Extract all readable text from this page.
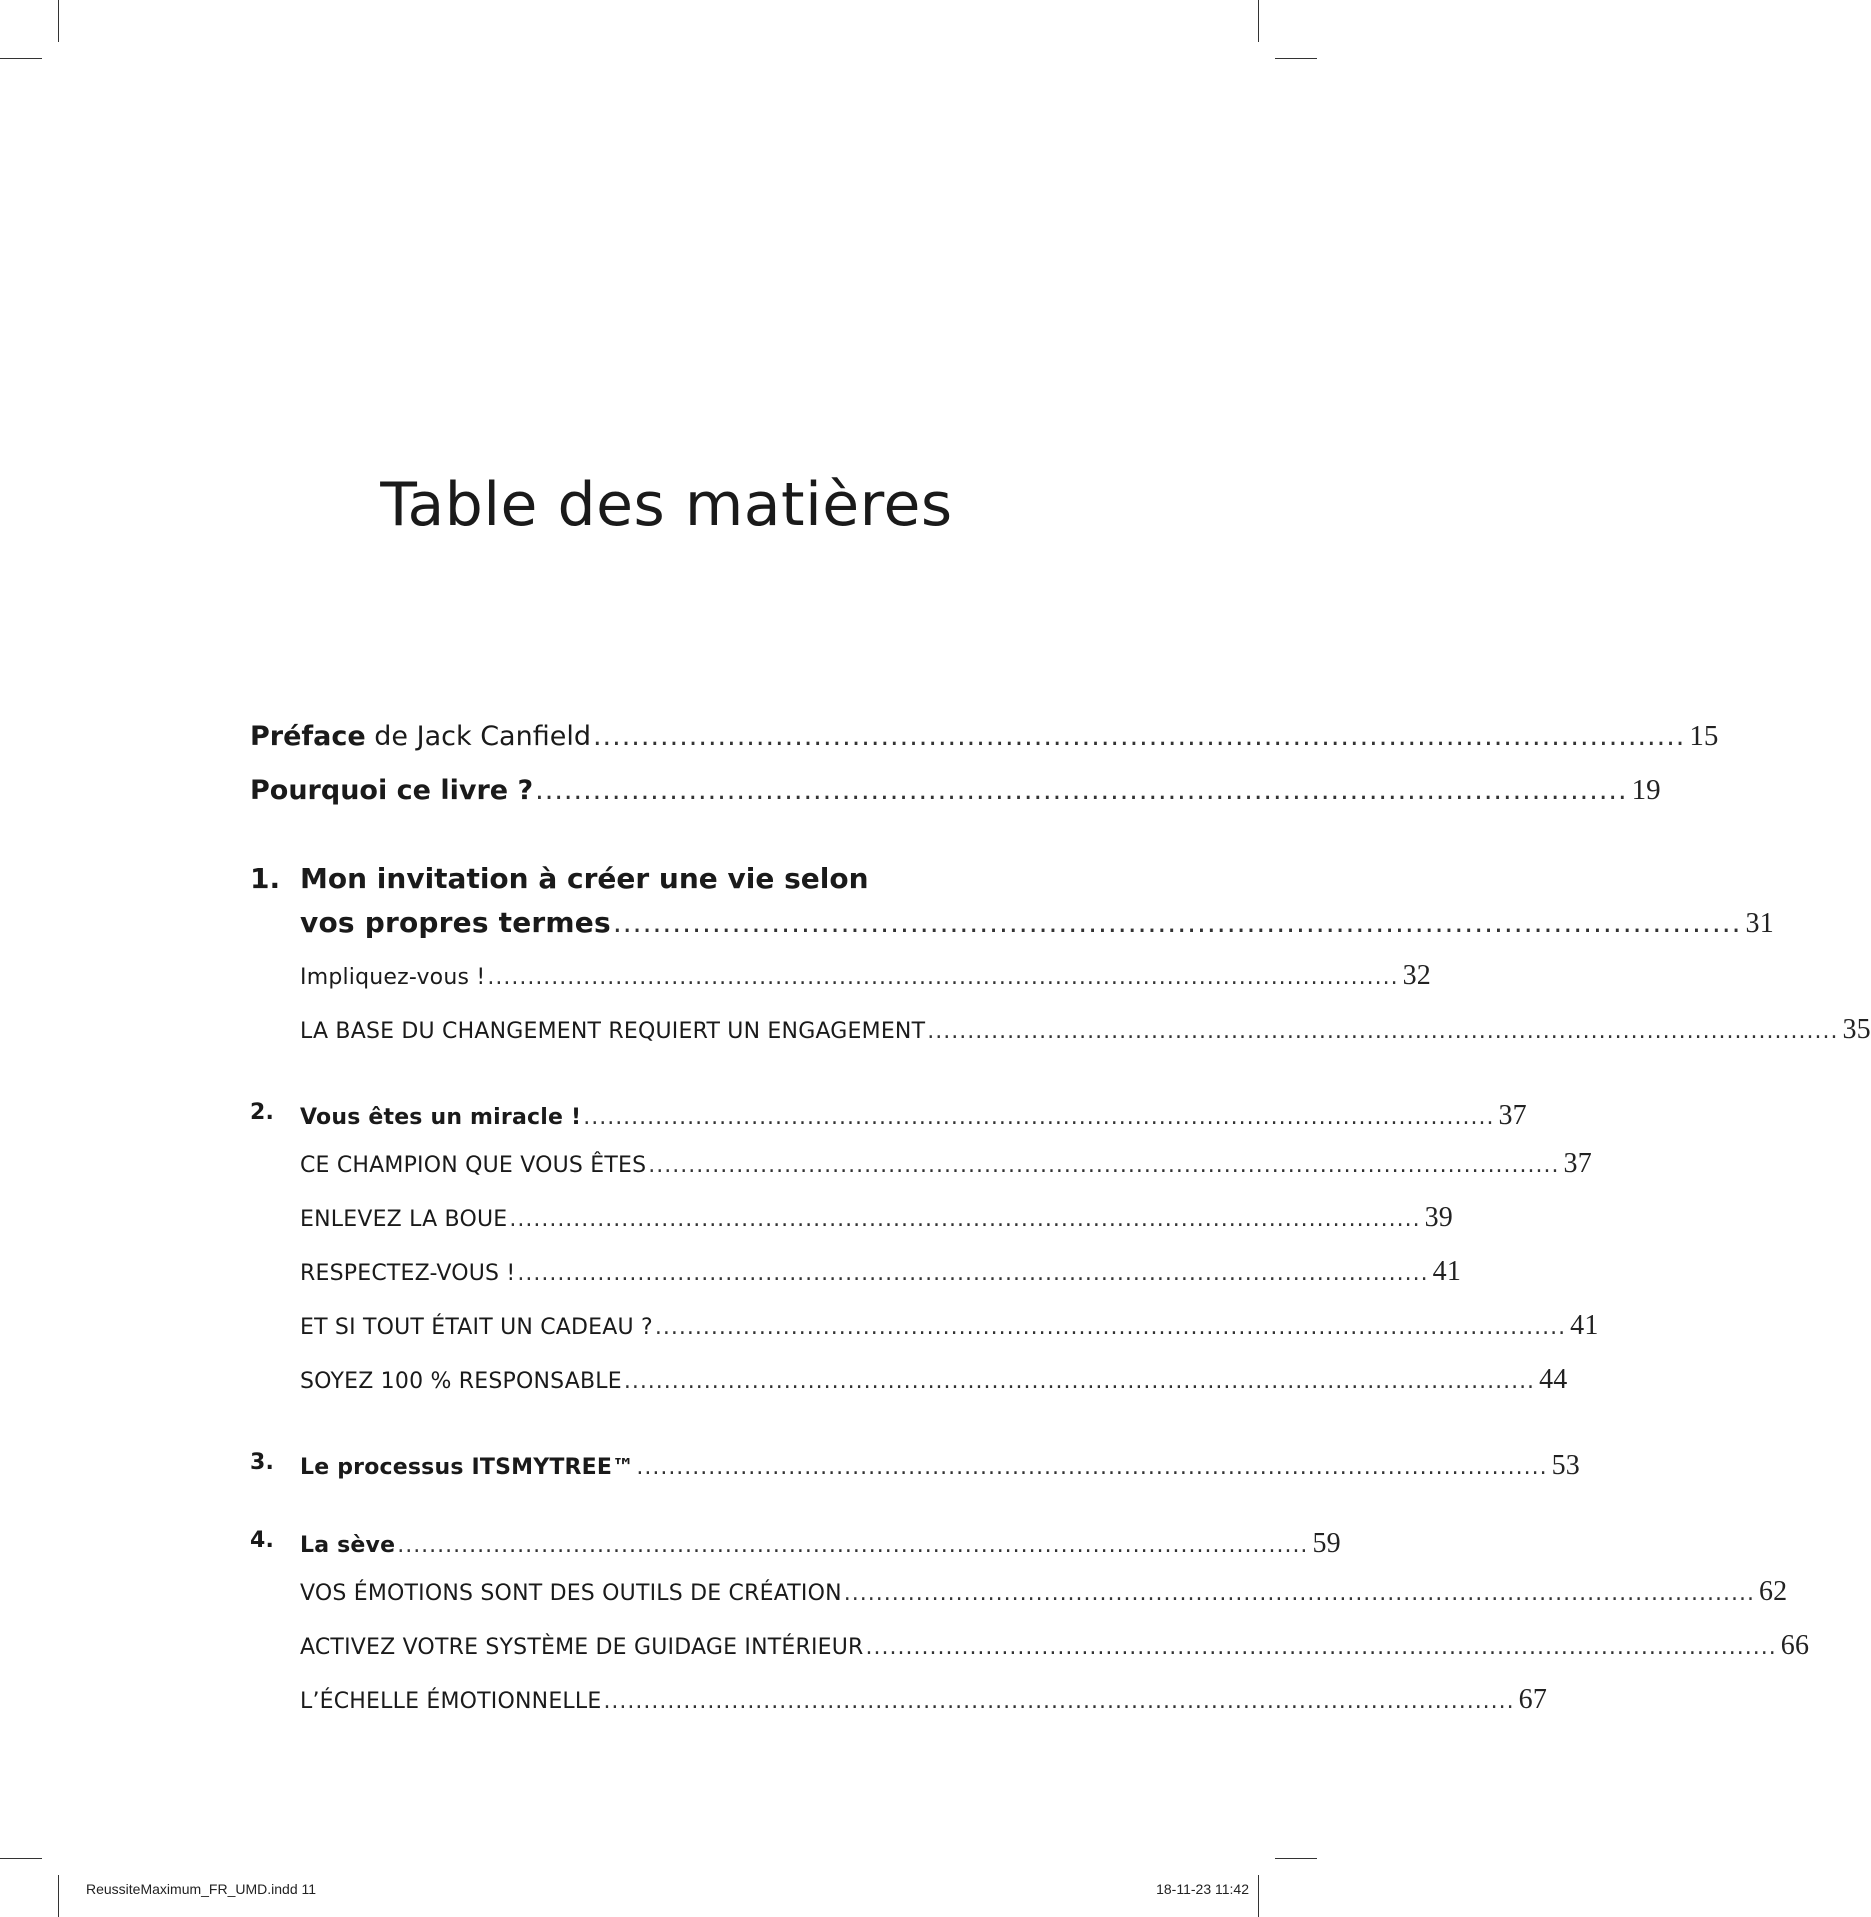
Table des matières
Préface de Jack Canfield .................................................................................................................. 15
Pourquoi ce livre ? .................................................................................................................. 19
1. Mon invitation à créer une vie selon
vos propres termes .................................................................................................................. 31
Impliquez-vous ! .................................................................................................................. 32
LA BASE DU CHANGEMENT REQUIERT UN ENGAGEMENT .................................................................................................................. 35
2. Vous êtes un miracle ! .................................................................................................................. 37
CE CHAMPION QUE VOUS ÊTES .................................................................................................................. 37
ENLEVEZ LA BOUE .................................................................................................................. 39
RESPECTEZ-VOUS ! .................................................................................................................. 41
ET SI TOUT ÉTAIT UN CADEAU ? .................................................................................................................. 41
SOYEZ 100 % RESPONSABLE .................................................................................................................. 44
3. Le processus ITSMYTREE™ .................................................................................................................. 53
4. La sève .................................................................................................................. 59
VOS ÉMOTIONS SONT DES OUTILS DE CRÉATION .................................................................................................................. 62
ACTIVEZ VOTRE SYSTÈME DE GUIDAGE INTÉRIEUR .................................................................................................................. 66
L’ÉCHELLE ÉMOTIONNELLE .................................................................................................................. 67
ReussiteMaximum_FR_UMD.indd 11	18-11-23 11:42
